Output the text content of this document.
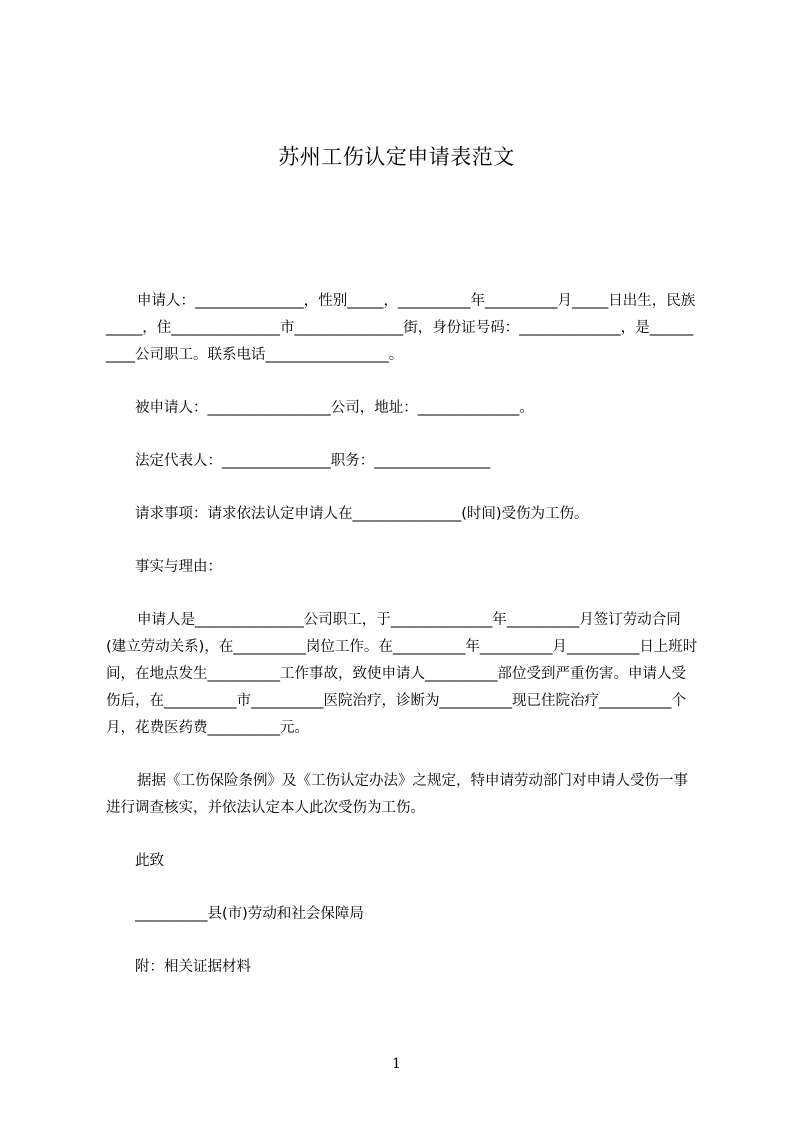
苏州工伤认定申请表范文

申请人：_______________，性别_____，__________年__________月_____日出生，民族_____，住_______________市_______________街，身份证号码：______________，是__________公司职工。联系电话_________________。

被申请人：_________________公司，地址：______________。

法定代表人：_______________职务：________________

请求事项：请求依法认定申请人在_______________(时间)受伤为工伤。

事实与理由：

申请人是_______________公司职工，于______________年__________月签订劳动合同(建立劳动关系)，在__________岗位工作。在__________年__________月__________日上班时间，在地点发生__________工作事故，致使申请人__________部位受到严重伤害。申请人受伤后，在__________市__________医院治疗，诊断为__________现已住院治疗__________个月，花费医药费__________元。

据据《工伤保险条例》及《工伤认定办法》之规定，特申请劳动部门对申请人受伤一事进行调查核实，并依法认定本人此次受伤为工伤。

此致

__________县(市)劳动和社会保障局

附：相关证据材料

1
